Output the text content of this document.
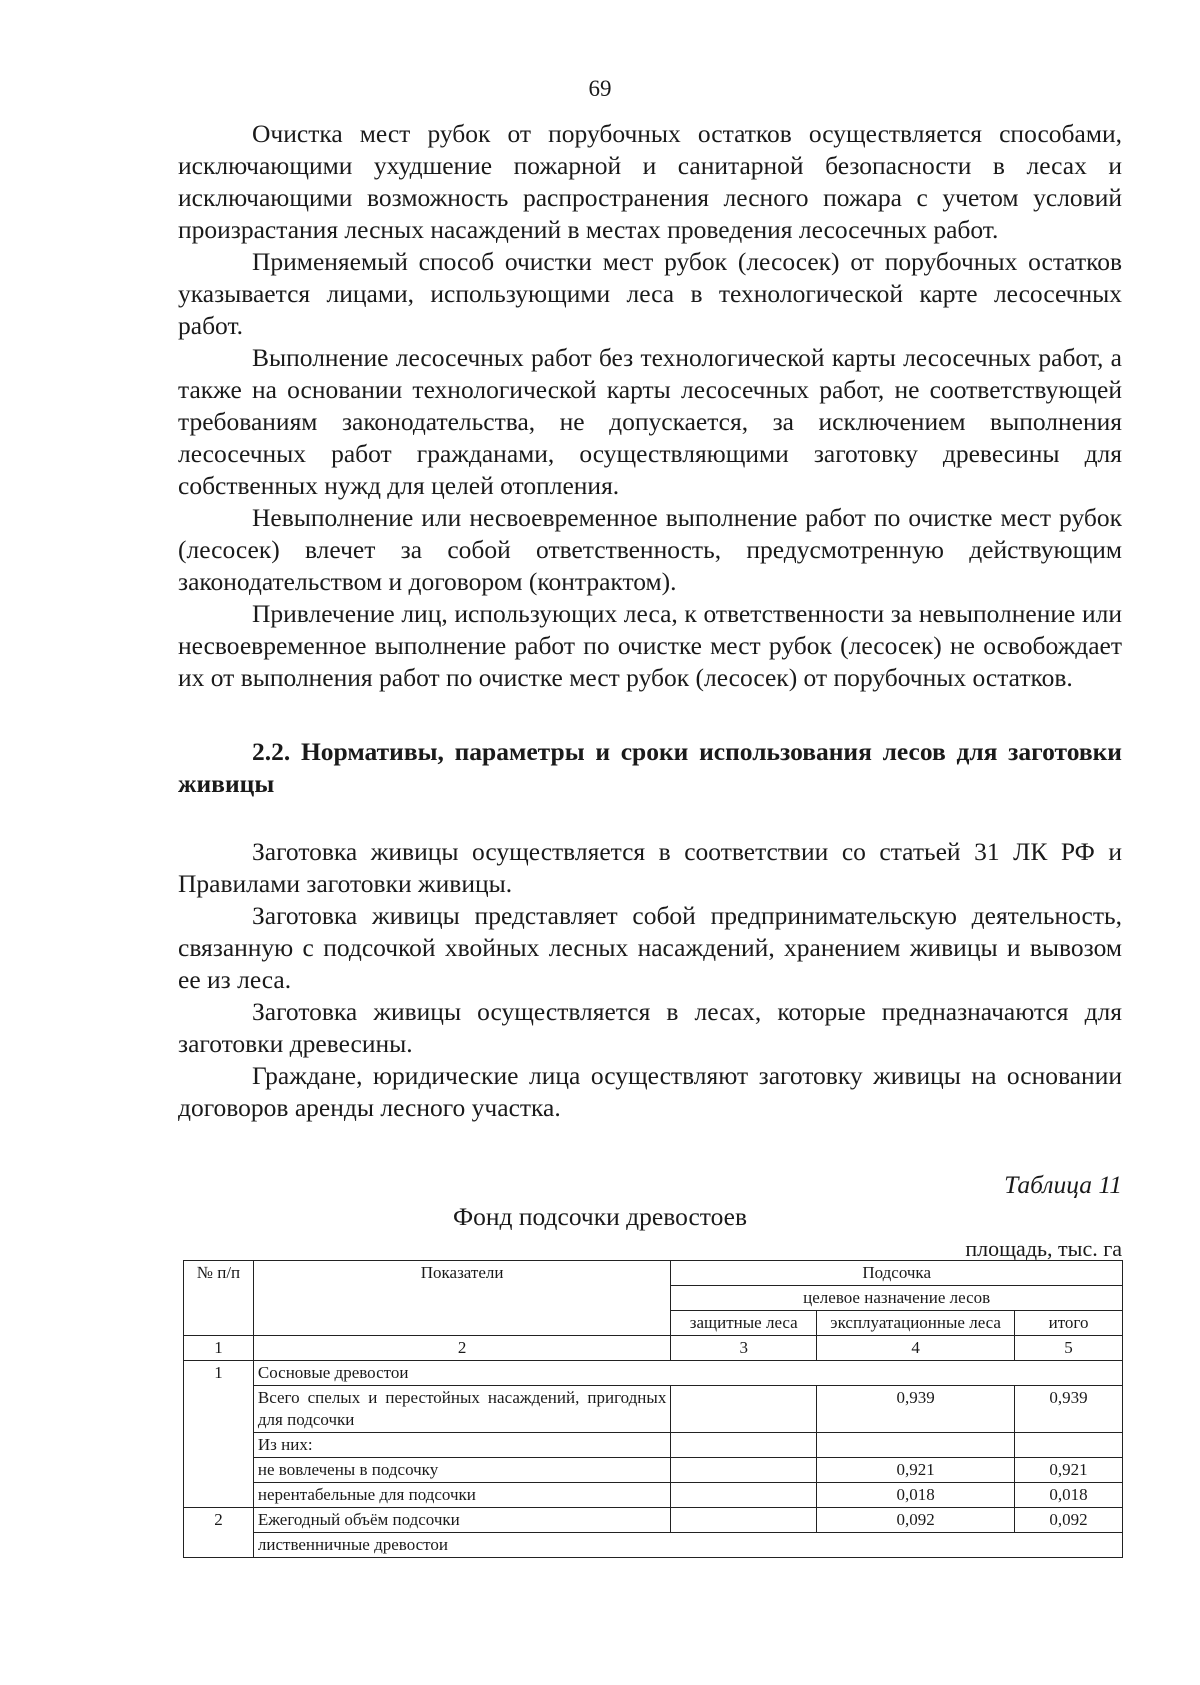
69

Очистка мест рубок от порубочных остатков осуществляется способами, исключающими ухудшение пожарной и санитарной безопасности в лесах и исключающими возможность распространения лесного пожара с учетом условий произрастания лесных насаждений в местах проведения лесосечных работ.

Применяемый способ очистки мест рубок (лесосек) от порубочных остатков указывается лицами, использующими леса в технологической карте лесосечных работ.

Выполнение лесосечных работ без технологической карты лесосечных работ, а также на основании технологической карты лесосечных работ, не соответствующей требованиям законодательства, не допускается, за исключением выполнения лесосечных работ гражданами, осуществляющими заготовку древесины для собственных нужд для целей отопления.

Невыполнение или несвоевременное выполнение работ по очистке мест рубок (лесосек) влечет за собой ответственность, предусмотренную действующим законодательством и договором (контрактом).

Привлечение лиц, использующих леса, к ответственности за невыполнение или несвоевременное выполнение работ по очистке мест рубок (лесосек) не освобождает их от выполнения работ по очистке мест рубок (лесосек) от порубочных остатков.

2.2. Нормативы, параметры и сроки использования лесов для заготовки живицы

Заготовка живицы осуществляется в соответствии со статьей 31 ЛК РФ и Правилами заготовки живицы.

Заготовка живицы представляет собой предпринимательскую деятельность, связанную с подсочкой хвойных лесных насаждений, хранением живицы и вывозом ее из леса.

Заготовка живицы осуществляется в лесах, которые предназначаются для заготовки древесины.

Граждане, юридические лица осуществляют заготовку живицы на основании договоров аренды лесного участка.

Таблица 11
Фонд подсочки древостоев
площадь, тыс. га
№ п/п	Показатели	Подсочка		
		целевое назначение лесов		
		защитные леса	эксплуатационные леса	итого
1	2	3	4	5
1	Сосновые древостои			
	Всего спелых и перестойных насаждений, пригодных для подсочки		0,939	0,939
	Из них:			
	не вовлечены в подсочку		0,921	0,921
	нерентабельные для подсочки		0,018	0,018
2	Ежегодный объём подсочки		0,092	0,092
	лиственничные древостои			
